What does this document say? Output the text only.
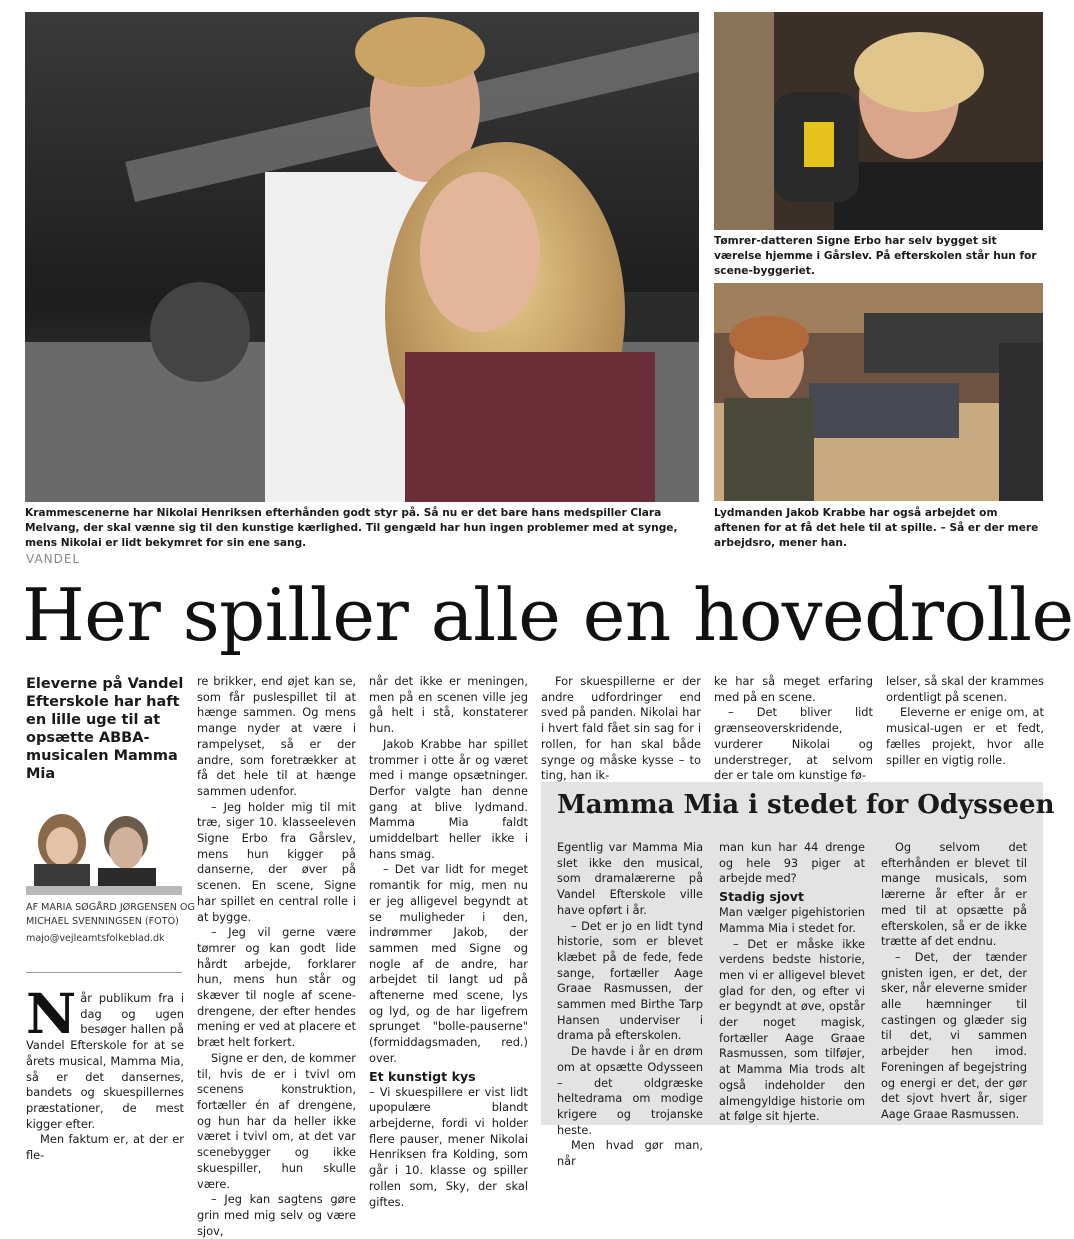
Tømrer-datteren Signe Erbo har selv bygget sit værelse hjemme i Gårslev. På efterskolen står hun for scene-byggeriet.

Krammescenerne har Nikolai Henriksen efterhånden godt styr på. Så nu er det bare hans medspiller Clara Melvang, der skal vænne sig til den kunstige kærlighed. Til gengæld har hun ingen problemer med at synge, mens Nikolai er lidt bekymret for sin ene sang.

Lydmanden Jakob Krabbe har også arbejdet om aftenen for at få det hele til at spille. – Så er der mere arbejdsro, mener han.

VANDEL
Her spiller alle en hovedrolle
Eleverne på Vandel Efterskole har haft en lille uge til at opsætte ABBA-musicalen Mamma Mia
AF MARIA SØGÅRD JØRGENSEN OG MICHAEL SVENNINGSEN (FOTO)
majo@vejleamtsfolkeblad.dk
N år publikum fra i dag og ugen besøger hallen på Vandel Efterskole for at se årets musical, Mamma Mia, så er det dansernes, bandets og skuespillernes præstationer, de mest kigger efter.

Men faktum er, at der er fle-

re brikker, end øjet kan se, som får puslespillet til at hænge sammen. Og mens mange nyder at være i rampelyset, så er der andre, som foretrækker at få det hele til at hænge sammen udenfor.

– Jeg holder mig til mit træ, siger 10. klasseeleven Signe Erbo fra Gårslev, mens hun kigger på danserne, der øver på scenen. En scene, Signe har spillet en central rolle i at bygge.

– Jeg vil gerne være tømrer og kan godt lide hårdt arbejde, forklarer hun, mens hun står og skæver til nogle af scene-drengene, der efter hendes mening er ved at placere et bræt helt forkert.

Signe er den, de kommer til, hvis de er i tvivl om scenens konstruktion, fortæller én af drengene, og hun har da heller ikke været i tvivl om, at det var scenebygger og ikke skuespiller, hun skulle være.

– Jeg kan sagtens gøre grin med mig selv og være sjov,

når det ikke er meningen, men på en scenen ville jeg gå helt i stå, konstaterer hun.

Jakob Krabbe har spillet trommer i otte år og været med i mange opsætninger. Derfor valgte han denne gang at blive lydmand. Mamma Mia faldt umiddelbart heller ikke i hans smag.

– Det var lidt for meget romantik for mig, men nu er jeg alligevel begyndt at se muligheder i den, indrømmer Jakob, der sammen med Signe og nogle af de andre, har arbejdet til langt ud på aftenerne med scene, lys og lyd, og de har ligefrem sprunget "bolle-pauserne" (formiddagsmaden, red.) over.

Et kunstigt kys

– Vi skuespillere er vist lidt upopulære blandt arbejderne, fordi vi holder flere pauser, mener Nikolai Henriksen fra Kolding, som går i 10. klasse og spiller rollen som, Sky, der skal giftes.

For skuespillerne er der andre udfordringer end sved på panden. Nikolai har i hvert fald fået sin sag for i rollen, for han skal både synge og måske kysse – to ting, han ik-

ke har så meget erfaring med på en scene.

– Det bliver lidt grænseoverskridende, vurderer Nikolai og understreger, at selvom der er tale om kunstige fø-

lelser, så skal der krammes ordentligt på scenen.

Eleverne er enige om, at musical-ugen er et fedt, fælles projekt, hvor alle spiller en vigtig rolle.

Egentlig var Mamma Mia slet ikke den musical, som dramalærerne på Vandel Efterskole ville have opført i år.

– Det er jo en lidt tynd historie, som er blevet klæbet på de fede, fede sange, fortæller Aage Graae Rasmussen, der sammen med Birthe Tarp Hansen underviser i drama på efterskolen.

De havde i år en drøm om at opsætte Odysseen – det oldgræske heltedrama om modige krigere og trojanske heste.

Men hvad gør man, når

man kun har 44 drenge og hele 93 piger at arbejde med?

Stadig sjovt

Man vælger pigehistorien Mamma Mia i stedet for.

– Det er måske ikke verdens bedste historie, men vi er alligevel blevet glad for den, og efter vi er begyndt at øve, opstår der noget magisk, fortæller Aage Graae Rasmussen, som tilføjer, at Mamma Mia trods alt også indeholder den almengyldige historie om at følge sit hjerte.

Og selvom det efterhånden er blevet til mange musicals, som lærerne år efter år er med til at opsætte på efterskolen, så er de ikke trætte af det endnu.

– Det, der tænder gnisten igen, er det, der sker, når eleverne smider alle hæmninger til castingen og glæder sig til det, vi sammen arbejder hen imod. Foreningen af begejstring og energi er det, der gør det sjovt hvert år, siger Aage Graae Rasmussen.

Mamma Mia i stedet for Odysseen
